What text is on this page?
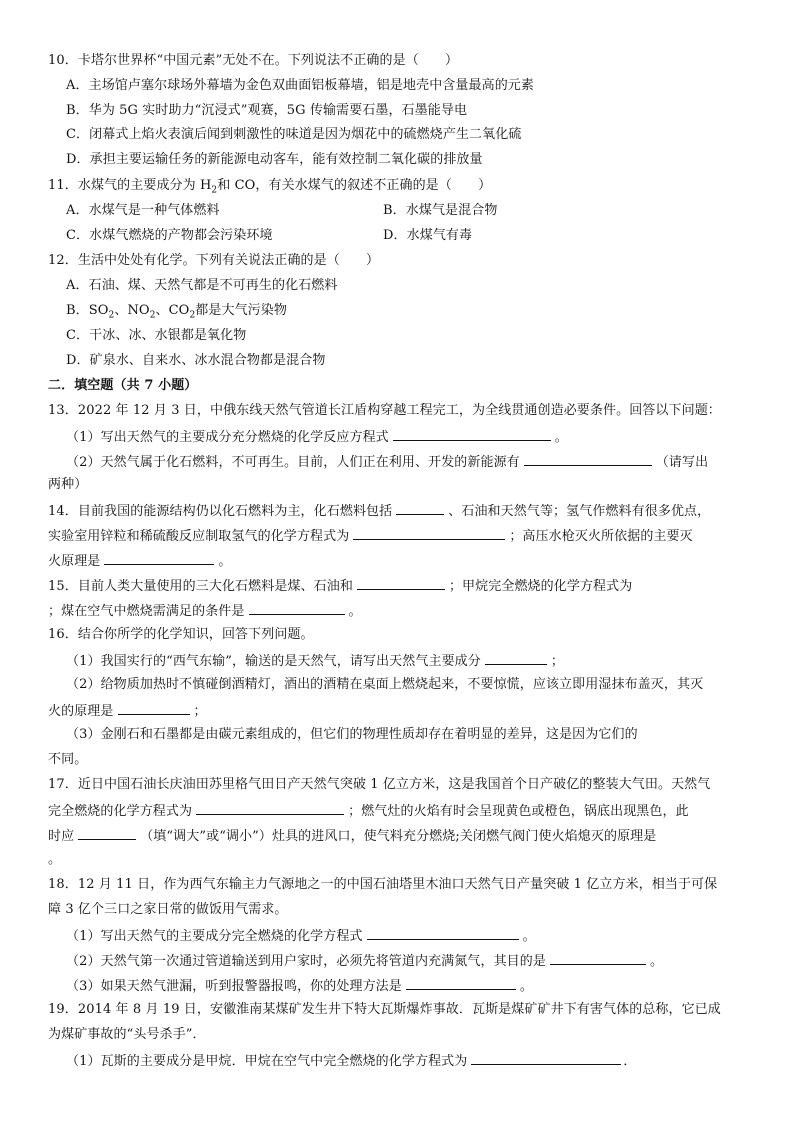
10．卡塔尔世界杯“中国元素”无处不在。下列说法不正确的是（　　）
A．主场馆卢塞尔球场外幕墙为金色双曲面铝板幕墙，铝是地壳中含量最高的元素
B．华为 5G 实时助力“沉浸式”观赛，5G 传输需要石墨，石墨能导电
C．闭幕式上焰火表演后闻到刺激性的味道是因为烟花中的硫燃烧产生二氧化硫
D．承担主要运输任务的新能源电动客车，能有效控制二氧化碳的排放量
11．水煤气的主要成分为 $H_2$和 CO，有关水煤气的叙述不正确的是（　　）
A．水煤气是一种气体燃料	B．水煤气是混合物
C．水煤气燃烧的产物都会污染环境	D．水煤气有毒
12．生活中处处有化学。下列有关说法正确的是（　　）
A．石油、煤、天然气都是不可再生的化石燃料
B．$SO_2$、$NO_2$、$CO_2$都是大气污染物
C．干冰、冰、水银都是氧化物
D．矿泉水、自来水、冰水混合物都是混合物
二．填空题（共 7 小题）
13．2022 年 12 月 3 日，中俄东线天然气管道长江盾构穿越工程完工，为全线贯通创造必要条件。回答以下问题：
（1）写出天然气的主要成分充分燃烧的化学反应方程式	。
（2）天然气属于化石燃料，不可再生。目前，人们正在利用、开发的新能源有	（请写出
两种）
14．目前我国的能源结构仍以化石燃料为主，化石燃料包括	、石油和天然气等；氢气作燃料有很多优点，
实验室用锌粒和稀硫酸反应制取氢气的化学方程式为	；高压水枪灭火所依据的主要灭
火原理是	。
15．目前人类大量使用的三大化石燃料是煤、石油和	；甲烷完全燃烧的化学方程式为
；煤在空气中燃烧需满足的条件是	。
16．结合你所学的化学知识，回答下列问题。
（1）我国实行的“西气东输”，输送的是天然气，请写出天然气主要成分	；
（2）给物质加热时不慎碰倒酒精灯，酒出的酒精在桌面上燃烧起来，不要惊慌，应该立即用湿抹布盖灭，其灭
火的原理是	；
（3）金刚石和石墨都是由碳元素组成的，但它们的物理性质却存在着明显的差异，这是因为它们的
不同。
17．近日中国石油长庆油田苏里格气田日产天然气突破 1 亿立方米，这是我国首个日产破亿的整装大气田。天然气
完全燃烧的化学方程式为	；燃气灶的火焰有时会呈现黄色或橙色，锅底出现黑色，此
时应	（填“调大”或“调小”）灶具的进风口，使气料充分燃烧;关闭燃气阀门使火焰熄灭的原理是
。
18．12 月 11 日，作为西气东输主力气源地之一的中国石油塔里木油口天然气日产量突破 1 亿立方米，相当于可保
障 3 亿个三口之家日常的做饭用气需求。
（1）写出天然气的主要成分完全燃烧的化学方程式	。
（2）天然气第一次通过管道输送到用户家时，必须先将管道内充满氮气，其目的是	。
（3）如果天然气泄漏，听到报警器报鸣，你的处理方法是	。
19．2014 年 8 月 19 日，安徽淮南某煤矿发生井下特大瓦斯爆炸事故．瓦斯是煤矿矿井下有害气体的总称，它已成
为煤矿事故的“头号杀手”．
（1）瓦斯的主要成分是甲烷．甲烷在空气中完全燃烧的化学方程式为	．
